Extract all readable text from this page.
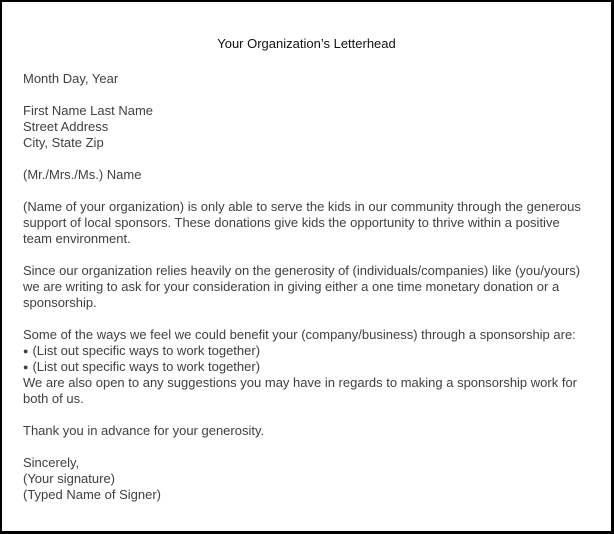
Your Organization’s Letterhead
Month Day, Year
First Name Last Name
Street Address
City, State Zip
(Mr./Mrs./Ms.) Name
(Name of your organization) is only able to serve the kids in our community through the generous
support of local sponsors. These donations give kids the opportunity to thrive within a positive
team environment.
Since our organization relies heavily on the generosity of (individuals/companies) like (you/yours)
we are writing to ask for your consideration in giving either a one time monetary donation or a
sponsorship.
Some of the ways we feel we could benefit your (company/business) through a sponsorship are:
● (List out specific ways to work together)
● (List out specific ways to work together)
We are also open to any suggestions you may have in regards to making a sponsorship work for
both of us.
Thank you in advance for your generosity.
Sincerely,
(Your signature)
(Typed Name of Signer)
